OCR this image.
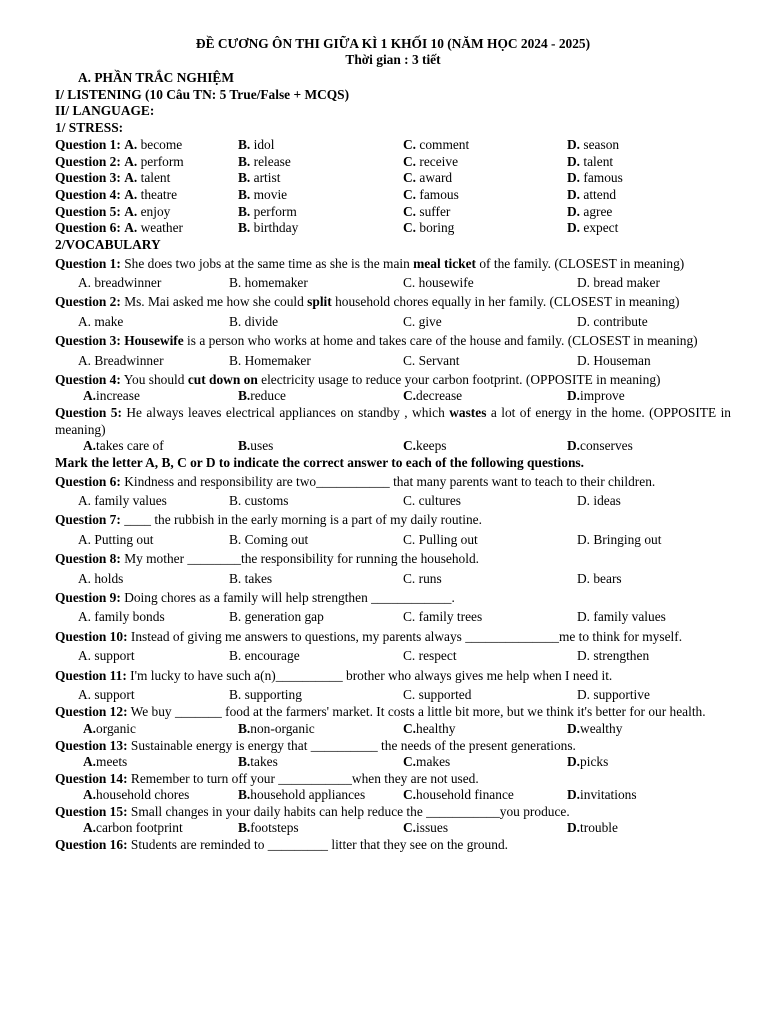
ĐỀ CƯƠNG ÔN THI GIỮA KÌ 1 KHỐI 10 (NĂM HỌC 2024 - 2025)
Thời gian : 3 tiết
A. PHẦN TRẮC NGHIỆM
I/ LISTENING (10 Câu TN: 5 True/False + MCQS)
II/ LANGUAGE:
1/ STRESS:
Question 1: A. become	B. idol	C. comment	D. season
Question 2: A. perform	B. release	C. receive	D. talent
Question 3: A. talent	B. artist	C. award	D. famous
Question 4: A. theatre	B. movie	C. famous	D. attend
Question 5: A. enjoy	B. perform	C. suffer	D. agree
Question 6: A. weather	B. birthday	C. boring	D. expect
2/VOCABULARY
Question 1: She does two jobs at the same time as she is the main meal ticket of the family. (CLOSEST in meaning)
A. breadwinner	B. homemaker	C. housewife	D. bread maker
Question 2: Ms. Mai asked me how she could split household chores equally in her family. (CLOSEST in meaning)
A. make	B. divide	C. give	D. contribute
Question 3: Housewife is a person who works at home and takes care of the house and family. (CLOSEST in meaning)
A. Breadwinner	B. Homemaker	C. Servant	D. Houseman
Question 4: You should cut down on electricity usage to reduce your carbon footprint. (OPPOSITE in meaning)
A.increase	B.reduce	C.decrease	D.improve
Question 5: He always leaves electrical appliances on standby , which wastes a lot of energy in the home. (OPPOSITE in meaning)
A.takes care of	B.uses	C.keeps	D.conserves
Mark the letter A, B, C or D to indicate the correct answer to each of the following questions.
Question 6: Kindness and responsibility are two___________ that many parents want to teach to their children.
A. family values	B. customs	C. cultures	D. ideas
Question 7: ____ the rubbish in the early morning is a part of my daily routine.
A. Putting out	B. Coming out	C. Pulling out	D. Bringing out
Question 8: My mother ________the responsibility for running the household.
A. holds	B. takes	C. runs	D. bears
Question 9: Doing chores as a family will help strengthen ____________.
A. family bonds	B. generation gap	C. family trees	D. family values
Question 10: Instead of giving me answers to questions, my parents always ______________me to think for myself.
A. support	B. encourage	C. respect	D. strengthen
Question 11: I'm lucky to have such a(n)__________ brother who always gives me help when I need it.
A. support	B. supporting	C. supported	D. supportive
Question 12: We buy _______ food at the farmers' market. It costs a little bit more, but we think it's better for our health.
A.organic	B.non-organic	C.healthy	D.wealthy
Question 13: Sustainable energy is energy that __________ the needs of the present generations.
A.meets	B.takes	C.makes	D.picks
Question 14: Remember to turn off your ___________when they are not used.
A.household chores	B.household appliances	C.household finance	D.invitations
Question 15: Small changes in your daily habits can help reduce the ___________you produce.
A.carbon footprint	B.footsteps	C.issues	D.trouble
Question 16: Students are reminded to _________ litter that they see on the ground.
